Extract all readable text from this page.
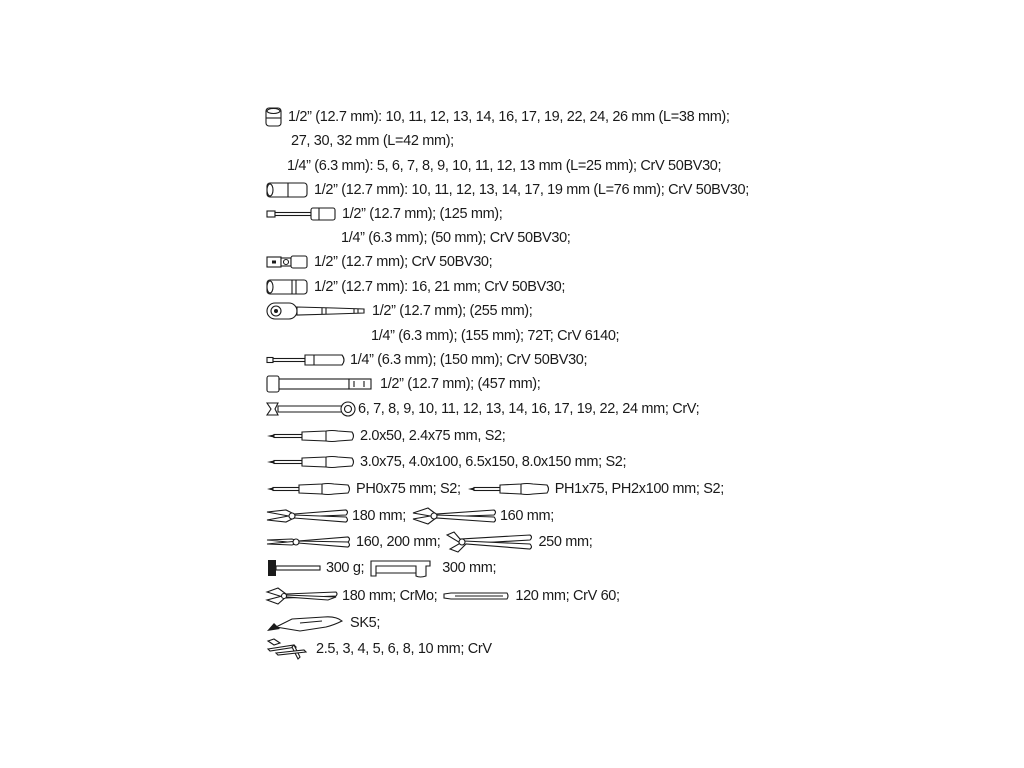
1/2” (12.7 mm): 10, 11, 12, 13, 14, 16, 17, 19, 22, 24, 26 mm (L=38 mm);
27, 30, 32 mm (L=42 mm);
1/4” (6.3 mm): 5, 6, 7, 8, 9, 10, 11, 12, 13 mm (L=25 mm); CrV 50BV30;
1/2” (12.7 mm): 10, 11, 12, 13, 14, 17, 19 mm (L=76 mm); CrV 50BV30;
1/2” (12.7 mm); (125 mm);
1/4” (6.3 mm); (50 mm); CrV 50BV30;
1/2” (12.7 mm); CrV 50BV30;
1/2” (12.7 mm): 16, 21 mm; CrV 50BV30;
1/2” (12.7 mm); (255 mm);
1/4” (6.3 mm); (155 mm); 72T; CrV 6140;
1/4” (6.3 mm); (150 mm); CrV 50BV30;
1/2” (12.7 mm); (457 mm);
6, 7, 8, 9, 10, 11, 12, 13, 14, 16, 17, 19, 22, 24 mm; CrV;
2.0x50, 2.4x75 mm, S2;
3.0x75, 4.0x100, 6.5x150, 8.0x150 mm; S2;
PH0x75 mm; S2;	PH1x75, PH2x100 mm; S2;
180 mm;	160 mm;
160, 200 mm;	250 mm;
300 g;	300 mm;
180 mm; CrMo;	120 mm; CrV 60;
SK5;
2.5, 3, 4, 5, 6, 8, 10 mm; CrV
